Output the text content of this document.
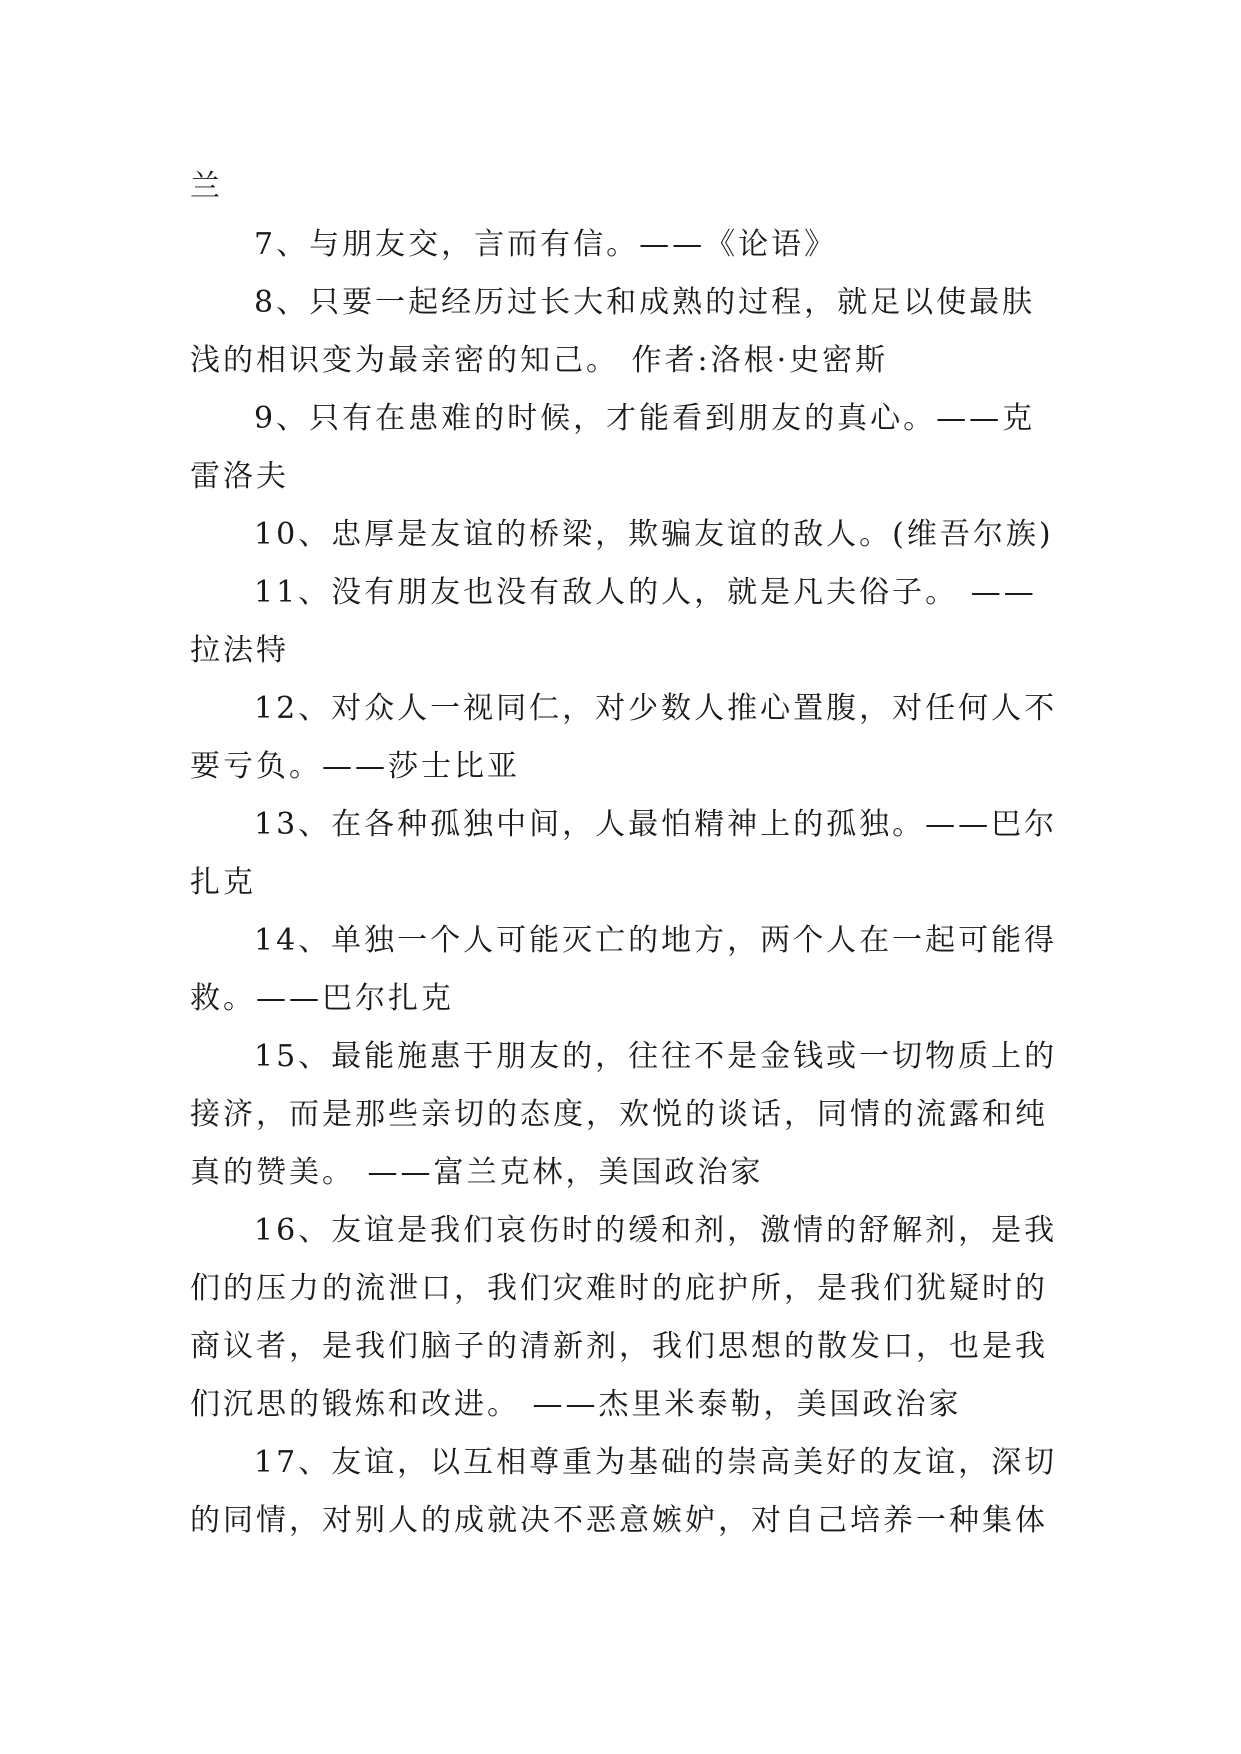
兰
7、与朋友交，言而有信。——《论语》
8、只要一起经历过长大和成熟的过程，就足以使最肤
浅的相识变为最亲密的知己。 作者:洛根·史密斯
9、只有在患难的时候，才能看到朋友的真心。——克
雷洛夫
10、忠厚是友谊的桥梁，欺骗友谊的敌人。(维吾尔族)
11、没有朋友也没有敌人的人，就是凡夫俗子。 ——
拉法特
12、对众人一视同仁，对少数人推心置腹，对任何人不
要亏负。——莎士比亚
13、在各种孤独中间，人最怕精神上的孤独。——巴尔
扎克
14、单独一个人可能灭亡的地方，两个人在一起可能得
救。——巴尔扎克
15、最能施惠于朋友的，往往不是金钱或一切物质上的
接济，而是那些亲切的态度，欢悦的谈话，同情的流露和纯
真的赞美。 ——富兰克林，美国政治家
16、友谊是我们哀伤时的缓和剂，激情的舒解剂，是我
们的压力的流泄口，我们灾难时的庇护所，是我们犹疑时的
商议者，是我们脑子的清新剂，我们思想的散发口，也是我
们沉思的锻炼和改进。 ——杰里米泰勒，美国政治家
17、友谊，以互相尊重为基础的崇高美好的友谊，深切
的同情，对别人的成就决不恶意嫉妒，对自己培养一种集体
